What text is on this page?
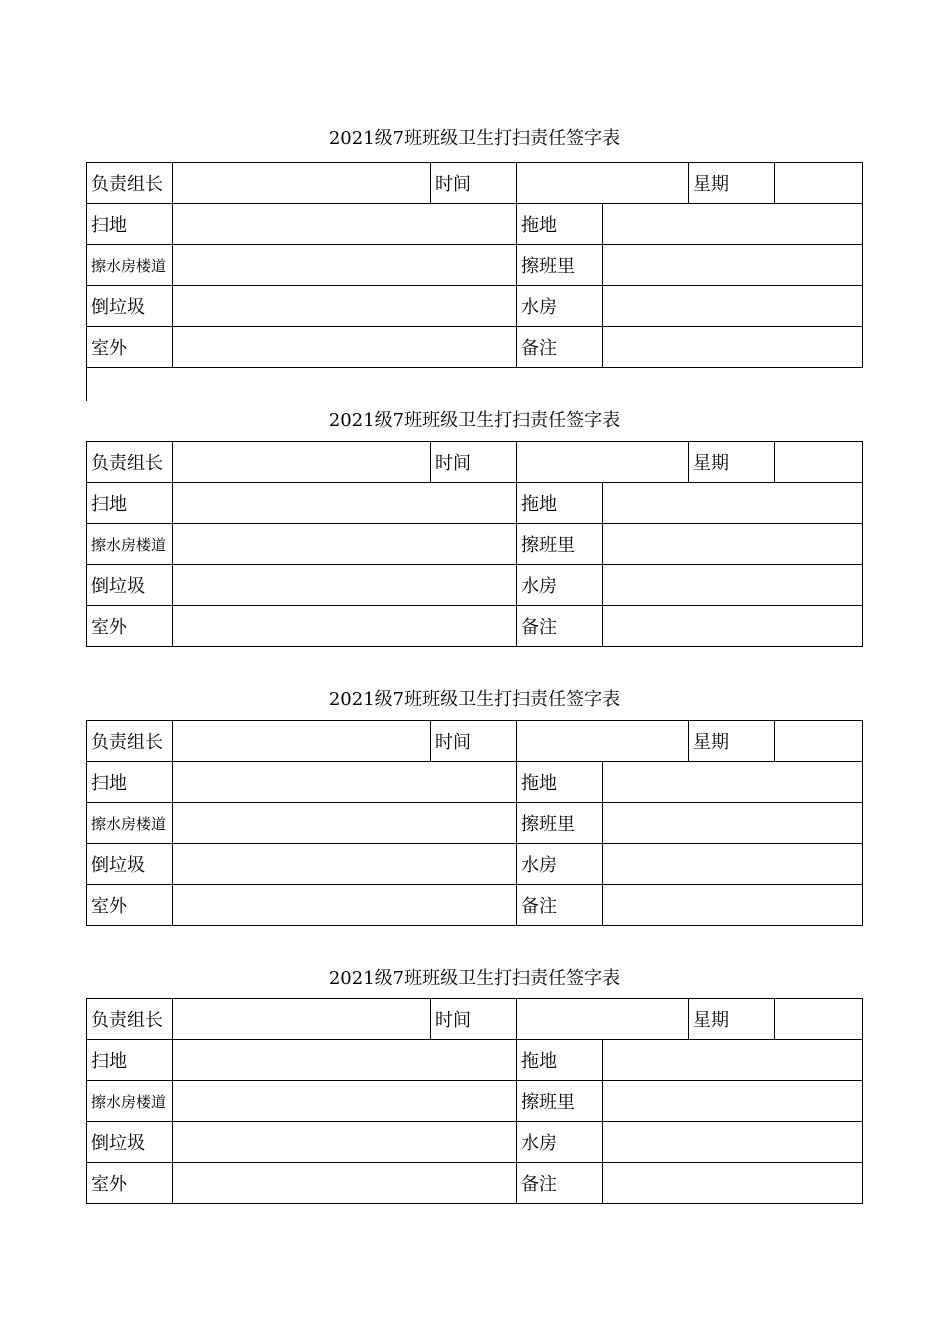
2021级7班班级卫生打扫责任签字表
负责组长		时间			星期	
扫地			拖地			
擦水房楼道			擦班里			
倒垃圾			水房			
室外			备注			
2021级7班班级卫生打扫责任签字表
负责组长		时间			星期	
扫地			拖地			
擦水房楼道			擦班里			
倒垃圾			水房			
室外			备注			
2021级7班班级卫生打扫责任签字表
负责组长		时间			星期	
扫地			拖地			
擦水房楼道			擦班里			
倒垃圾			水房			
室外			备注			
2021级7班班级卫生打扫责任签字表
负责组长		时间			星期	
扫地			拖地			
擦水房楼道			擦班里			
倒垃圾			水房			
室外			备注			
